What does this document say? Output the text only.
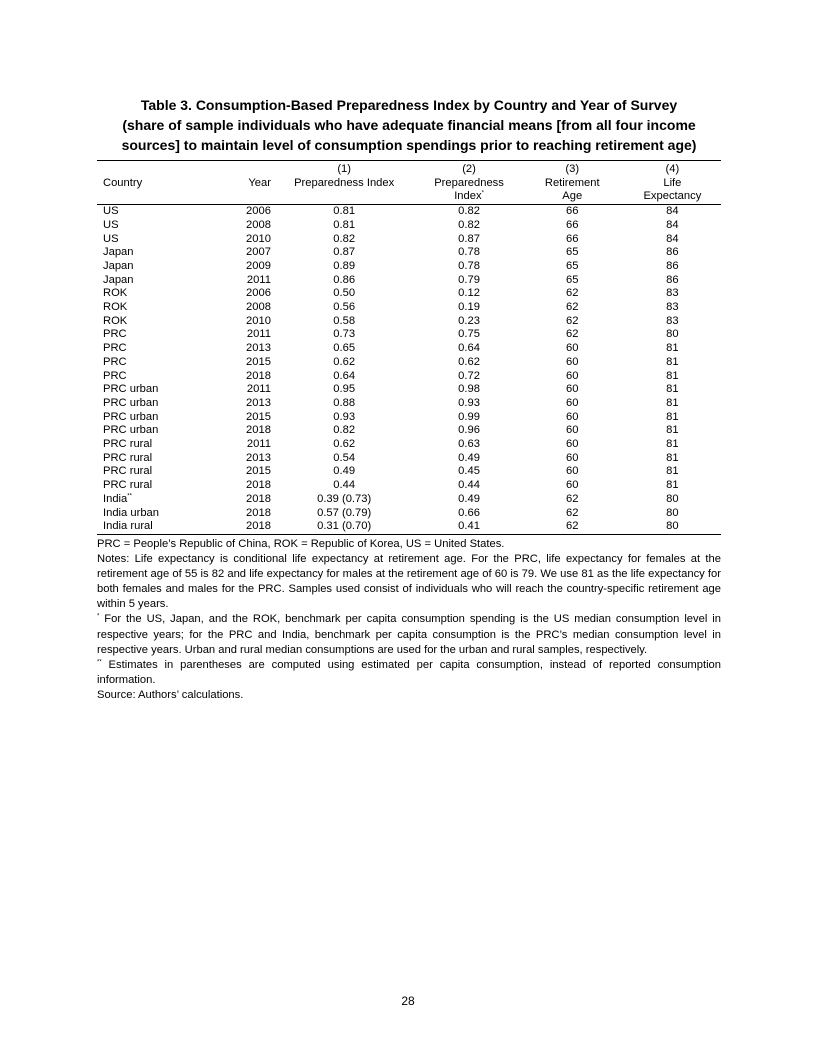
Table 3. Consumption-Based Preparedness Index by Country and Year of Survey
(share of sample individuals who have adequate financial means [from all four income
sources] to maintain level of consumption spendings prior to reaching retirement age)
		(1)	(2)	(3)	(4)
Country	Year	Preparedness Index	Preparedness	Retirement	Life
			Index*	Age	Expectancy
US	2006	0.81	0.82	66	84
US	2008	0.81	0.82	66	84
US	2010	0.82	0.87	66	84
Japan	2007	0.87	0.78	65	86
Japan	2009	0.89	0.78	65	86
Japan	2011	0.86	0.79	65	86
ROK	2006	0.50	0.12	62	83
ROK	2008	0.56	0.19	62	83
ROK	2010	0.58	0.23	62	83
PRC	2011	0.73	0.75	62	80
PRC	2013	0.65	0.64	60	81
PRC	2015	0.62	0.62	60	81
PRC	2018	0.64	0.72	60	81
PRC urban	2011	0.95	0.98	60	81
PRC urban	2013	0.88	0.93	60	81
PRC urban	2015	0.93	0.99	60	81
PRC urban	2018	0.82	0.96	60	81
PRC rural	2011	0.62	0.63	60	81
PRC rural	2013	0.54	0.49	60	81
PRC rural	2015	0.49	0.45	60	81
PRC rural	2018	0.44	0.44	60	81
India**	2018	0.39 (0.73)	0.49	62	80
India urban	2018	0.57 (0.79)	0.66	62	80
India rural	2018	0.31 (0.70)	0.41	62	80

PRC = People’s Republic of China, ROK = Republic of Korea, US = United States.

Notes: Life expectancy is conditional life expectancy at retirement age. For the PRC, life expectancy for females at the retirement age of 55 is 82 and life expectancy for males at the retirement age of 60 is 79. We use 81 as the life expectancy for both females and males for the PRC. Samples used consist of individuals who will reach the country-specific retirement age within 5 years.

* For the US, Japan, and the ROK, benchmark per capita consumption spending is the US median consumption level in respective years; for the PRC and India, benchmark per capita consumption is the PRC’s median consumption level in respective years. Urban and rural median consumptions are used for the urban and rural samples, respectively.

** Estimates in parentheses are computed using estimated per capita consumption, instead of reported consumption information.

Source: Authors’ calculations.

28
